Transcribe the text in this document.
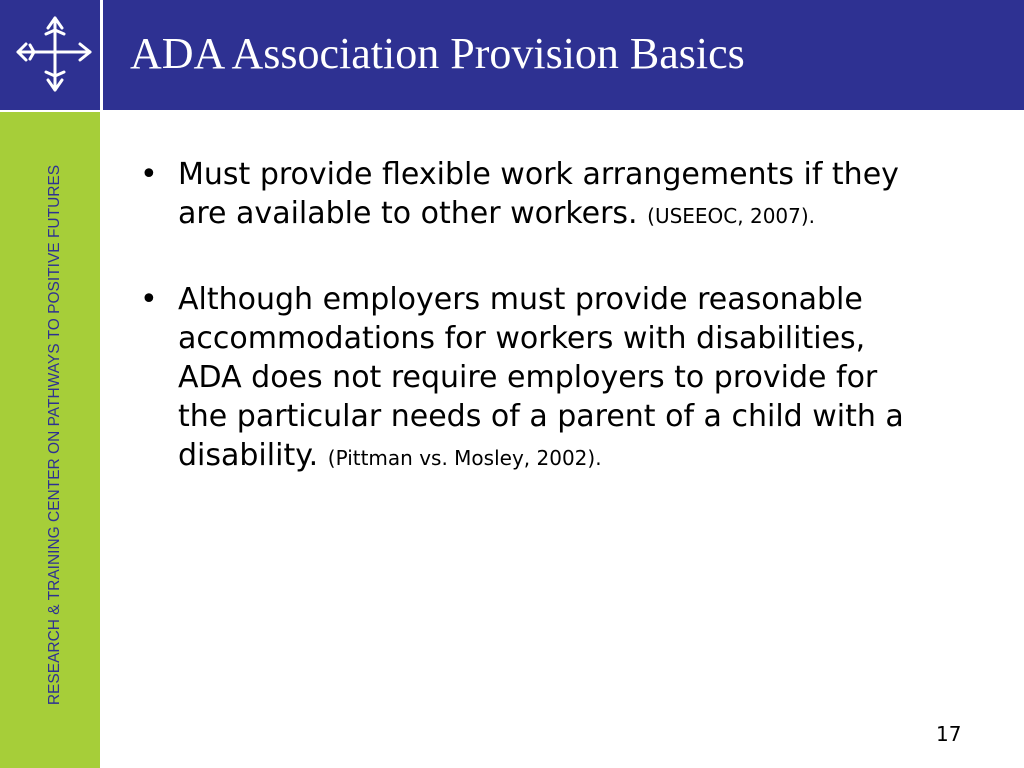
ADA Association Provision Basics
RESEARCH & TRAINING CENTER ON PATHWAYS TO POSITIVE FUTURES	• Must provide flexible work arrangements if they are available to other workers. (USEEOC, 2007).
• Although employers must provide reasonable accommodations for workers with disabilities, ADA does not require employers to provide for the particular needs of a parent of a child with a disability. (Pittman vs. Mosley, 2002).
17
